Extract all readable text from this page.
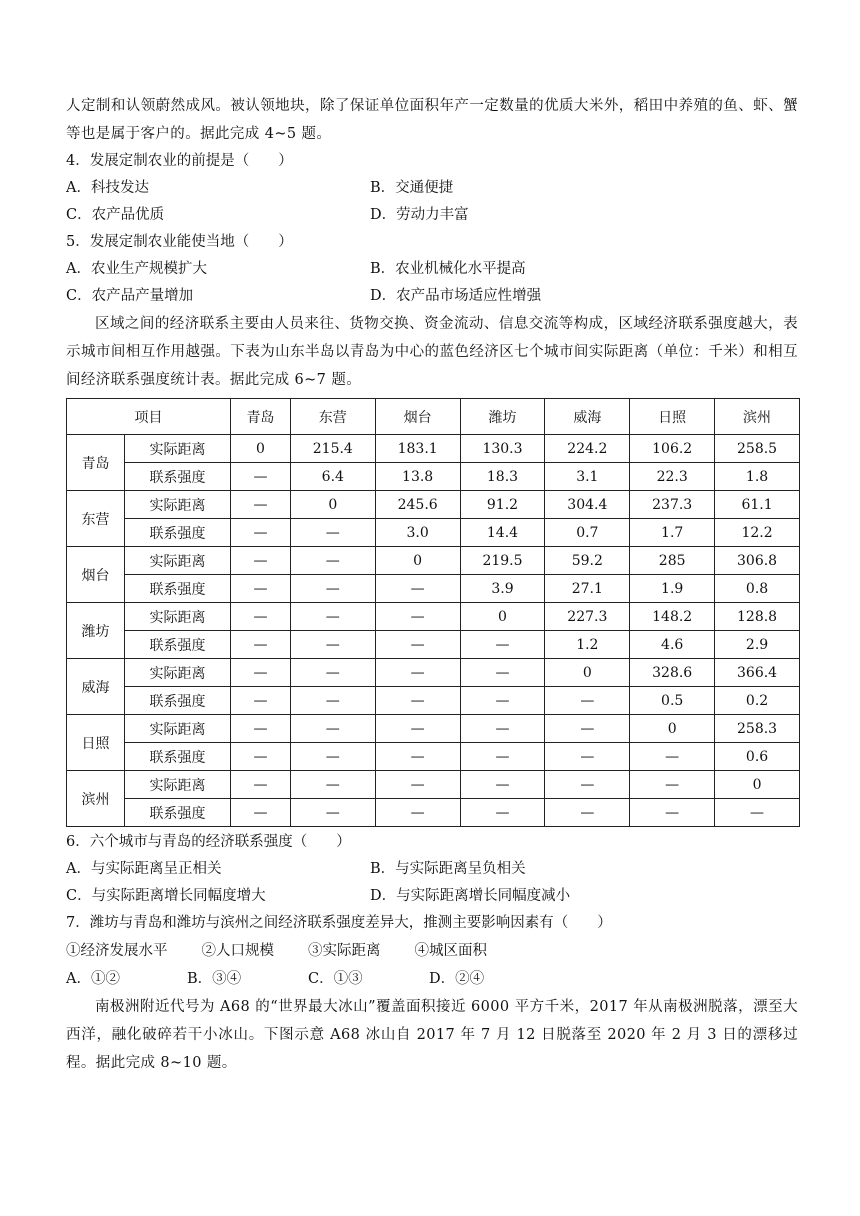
人定制和认领蔚然成风。被认领地块，除了保证单位面积年产一定数量的优质大米外，稻田中养殖的鱼、虾、蟹等也是属于客户的。据此完成 4~5 题。

4．发展定制农业的前提是（　　）
A．科技发达	B．交通便捷
C．农产品优质	D．劳动力丰富
5．发展定制农业能使当地（　　）
A．农业生产规模扩大	B．农业机械化水平提高
C．农产品产量增加	D．农产品市场适应性增强

区域之间的经济联系主要由人员来往、货物交换、资金流动、信息交流等构成，区域经济联系强度越大，表示城市间相互作用越强。下表为山东半岛以青岛为中心的蓝色经济区七个城市间实际距离（单位：千米）和相互间经济联系强度统计表。据此完成 6~7 题。

项目		青岛	东营	烟台	潍坊	威海	日照	滨州
青岛	实际距离	0	215.4	183.1	130.3	224.2	106.2	258.5
	联系强度	—	6.4	13.8	18.3	3.1	22.3	1.8
东营	实际距离	—	0	245.6	91.2	304.4	237.3	61.1
	联系强度	—	—	3.0	14.4	0.7	1.7	12.2
烟台	实际距离	—	—	0	219.5	59.2	285	306.8
	联系强度	—	—	—	3.9	27.1	1.9	0.8
潍坊	实际距离	—	—	—	0	227.3	148.2	128.8
	联系强度	—	—	—	—	1.2	4.6	2.9
威海	实际距离	—	—	—	—	0	328.6	366.4
	联系强度	—	—	—	—	—	0.5	0.2
日照	实际距离	—	—	—	—	—	0	258.3
	联系强度	—	—	—	—	—	—	0.6
滨州	实际距离	—	—	—	—	—	—	0
	联系强度	—	—	—	—	—	—	—
6．六个城市与青岛的经济联系强度（　　）
A．与实际距离呈正相关	B．与实际距离呈负相关
C．与实际距离增长同幅度增大	D．与实际距离增长同幅度减小
7．潍坊与青岛和潍坊与滨州之间经济联系强度差异大，推测主要影响因素有（　　）
①经济发展水平 ②人口规模 ③实际距离 ④城区面积
A．①②	B．③④	C．①③	D．②④

南极洲附近代号为 A68 的“世界最大冰山”覆盖面积接近 6000 平方千米，2017 年从南极洲脱落，漂至大西洋，融化破碎若干小冰山。下图示意 A68 冰山自 2017 年 7 月 12 日脱落至 2020 年 2 月 3 日的漂移过程。据此完成 8~10 题。
